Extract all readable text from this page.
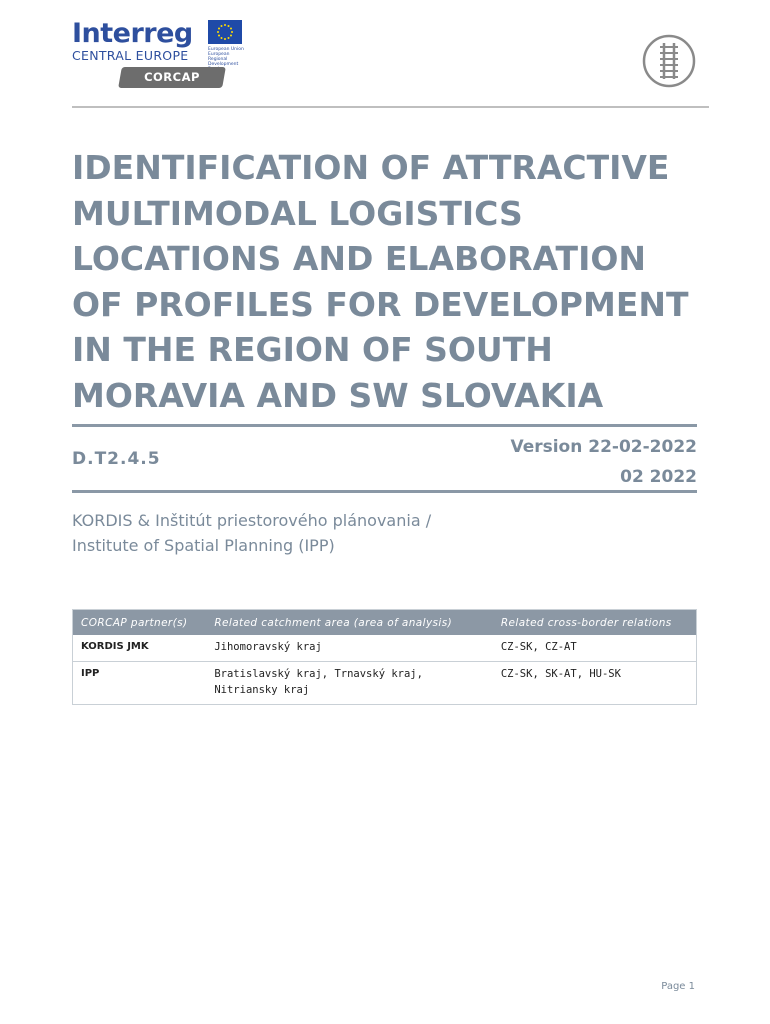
Interreg
CENTRAL EUROPE	European Union European Regional Development
CORCAP
IDENTIFICATION OF ATTRACTIVE MULTIMODAL LOGISTICS LOCATIONS AND ELABORATION OF PROFILES FOR DEVELOPMENT IN THE REGION OF SOUTH MORAVIA AND SW SLOVAKIA
D.T2.4.5
Version 22-02-2022
02 2022
KORDIS & Inštitút priestorového plánovania /
Institute of Spatial Planning (IPP)
CORCAP partner(s)	Related catchment area (area of analysis)	Related cross-border relations
KORDIS JMK	Jihomoravský kraj	CZ-SK, CZ-AT
IPP	Bratislavský kraj, Trnavský kraj, Nitriansky kraj	CZ-SK, SK-AT, HU-SK
Page 1
